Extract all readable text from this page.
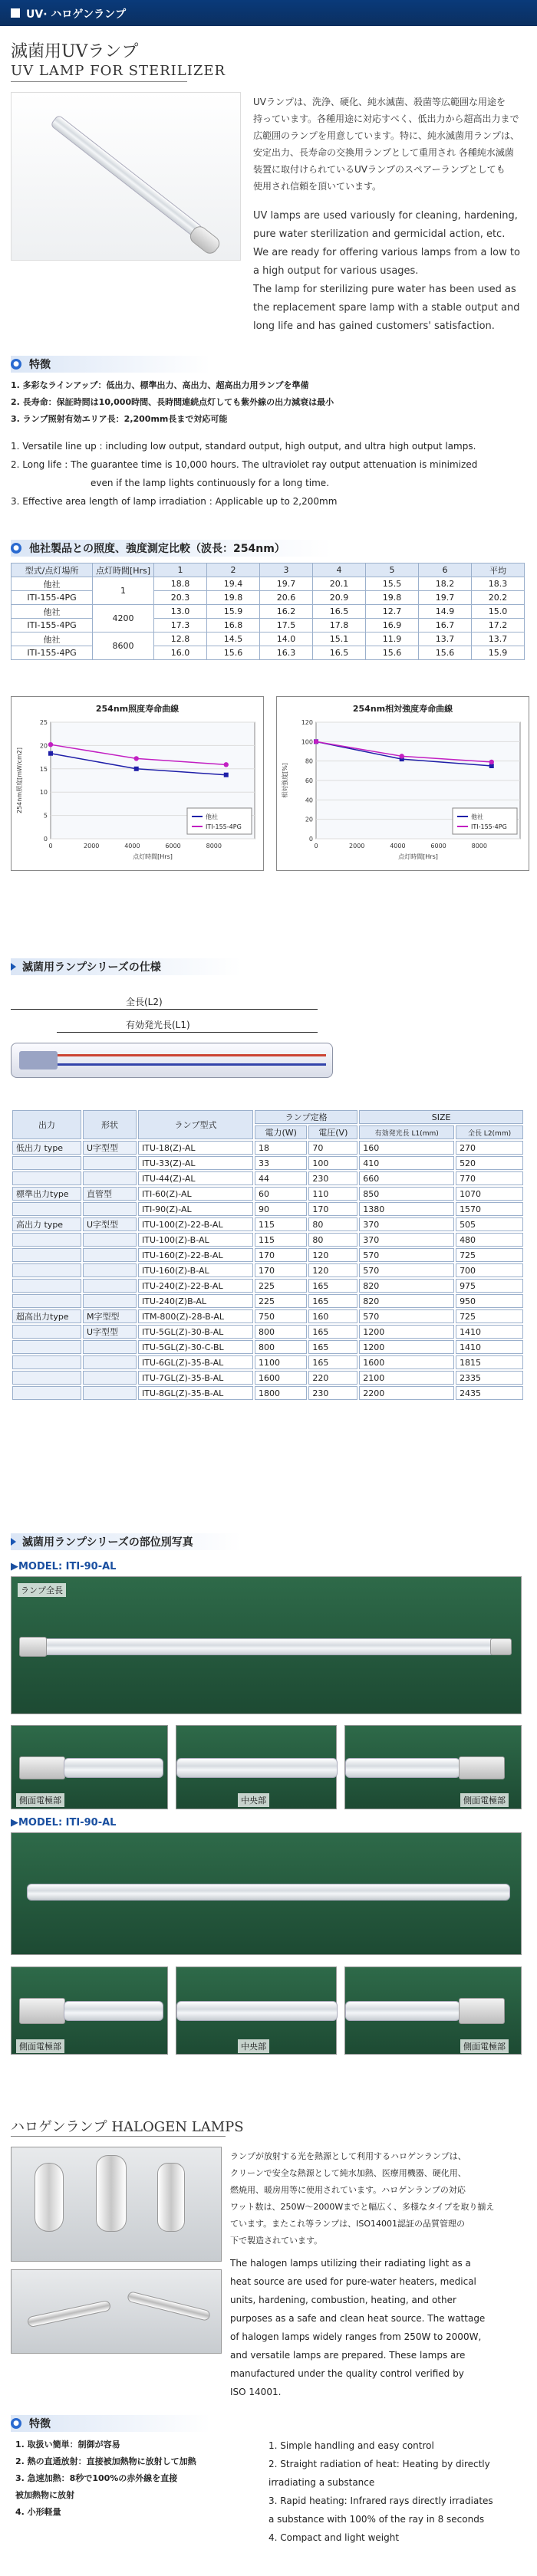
UV· ハロゲンランプ
滅菌用UVランプ
UV LAMP FOR STERILIZER
UVランプは、洗浄、硬化、純水滅菌、殺菌等広範囲な用途を
持っています。各種用途に対応すべく、低出力から超高出力まで
広範囲のランプを用意しています。特に、純水滅菌用ランプは、
安定出力、長寿命の交換用ランプとして重用され 各種純水滅菌
装置に取付けられているUVランプのスペアーランプとしても
使用され信頼を頂いています。
UV lamps are used variously for cleaning, hardening,
pure water sterilization and germicidal action, etc.
We are ready for offering various lamps from a low to
a high output for various usages.
The lamp for sterilizing pure water has been used as
the replacement spare lamp with a stable output and
long life and has gained customers' satisfaction.
● 特徴
1. 多彩なラインアップ：低出力、標準出力、高出力、超高出力用ランプを準備
2. 長寿命：保証時間は10,000時間、長時間連続点灯しても紫外線の出力減衰は最小
3. ランプ照射有効エリア長：2,200mm長まで対応可能
1. Versatile line up : including low output, standard output, high output, and ultra high output lamps.
2. Long life : The guarantee time is 10,000 hours. The ultraviolet ray output attenuation is minimized
even if the lamp lights continuously for a long time.
3. Effective area length of lamp irradiation : Applicable up to 2,200mm
● 他社製品との照度、強度測定比較（波長：254nm）
型式/点灯場所	点灯時間[Hrs]	1	2	3	4	5	6	平均
他社	1	18.8	19.4	19.7	20.1	15.5	18.2	18.3
ITI-155-4PG		20.3	19.8	20.6	20.9	19.8	19.7	20.2
他社	4200	13.0	15.9	16.2	16.5	12.7	14.9	15.0
ITI-155-4PG		17.3	16.8	17.5	17.8	16.9	16.7	17.2
他社	8600	12.8	14.5	14.0	15.1	11.9	13.7	13.7
ITI-155-4PG		16.0	15.6	16.3	16.5	15.6	15.6	15.9
254nm照度寿命曲線
0
5
10
15
20
25
0	2000	4000	6000	8000
点灯時間[Hrs]
254nm照度[mW/cm2]
他社
ITI-155-4PG
254nm相対強度寿命曲線
0
20
40
60
80
100
120
0	2000	4000	6000	8000
点灯時間[Hrs]
相対強度[%]
他社
ITI-155-4PG
滅菌用ランプシリーズの仕様
全長(L2)
有効発光長(L1)
出力	形状	ランプ型式	ランプ定格		SIZE	
			電力(W)	電圧(V)	有効発光長 L1(mm)	全長 L2(mm)
低出力 type	U字型型	ITU-18(Z)-AL	18	70	160	270
		ITU-33(Z)-AL	33	100	410	520
		ITU-44(Z)-AL	44	230	660	770
標準出力type	直管型	ITI-60(Z)-AL	60	110	850	1070
		ITI-90(Z)-AL	90	170	1380	1570
高出力 type	U字型型	ITU-100(Z)-22-B-AL	115	80	370	505
		ITU-100(Z)-B-AL	115	80	370	480
		ITU-160(Z)-22-B-AL	170	120	570	725
		ITU-160(Z)-B-AL	170	120	570	700
		ITU-240(Z)-22-B-AL	225	165	820	975
		ITU-240(Z)B-AL	225	165	820	950
超高出力type	M字型型	ITM-800(Z)-28-B-AL	750	160	570	725
	U字型型	ITU-5GL(Z)-30-B-AL	800	165	1200	1410
		ITU-5GL(Z)-30-C-BL	800	165	1200	1410
		ITU-6GL(Z)-35-B-AL	1100	165	1600	1815
		ITU-7GL(Z)-35-B-AL	1600	220	2100	2335
		ITU-8GL(Z)-35-B-AL	1800	230	2200	2435
滅菌用ランプシリーズの部位別写真
▶MODEL: ITI-90-AL
ランプ全長
側面電極部	中央部	側面電極部
▶MODEL: ITI-90-AL
側面電極部	中央部	側面電極部
ハロゲンランプ HALOGEN LAMPS
ランプが放射する光を熱源として利用するハロゲンランプは、
クリーンで安全な熱源として純水加熱、医療用機器、硬化用、
燃焼用、暖房用等に使用されています。ハロゲンランプの対応
ワット数は、250W～2000Wまでと幅広く、多様なタイプを取り揃え
ています。またこれ等ランプは、ISO14001認証の品質管理の
下で製造されています。
The halogen lamps utilizing their radiating light as a
heat source are used for pure-water heaters, medical
units, hardening, combustion, heating, and other
purposes as a safe and clean heat source. The wattage
of halogen lamps widely ranges from 250W to 2000W,
and versatile lamps are prepared. These lamps are
manufactured under the quality control verified by
ISO 14001.
● 特徴
1. 取扱い簡単：制御が容易
2. 熱の直通放射：直接被加熱物に放射して加熱
3. 急速加熱：8秒で100%の赤外線を直接
被加熱物に放射
4. 小形軽量
1. Simple handling and easy control
2. Straight radiation of heat: Heating by directly
irradiating a substance
3. Rapid heating: Infrared rays directly irradiates
a substance with 100% of the ray in 8 seconds
4. Compact and light weight
